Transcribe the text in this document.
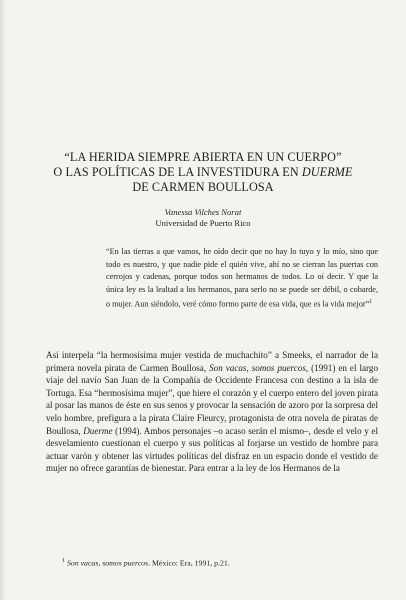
“LA HERIDA SIEMPRE ABIERTA EN UN CUERPO”
O LAS POLÍTICAS DE LA INVESTIDURA EN DUERME
DE CARMEN BOULLOSA
Vanessa Vilches Norat
Universidad de Puerto Rico
“En las tierras a que vamos, he oído decir que no hay lo tuyo y lo mío, sino que todo es nuestro, y que nadie pide el quién vive, ahí no se cierran las puertas con cerrojos y cadenas, porque todos son hermanos de todos. Lo oí decir. Y que la única ley es la lealtad a los hermanos, para serlo no se puede ser débil, o cobarde, o mujer. Aun siéndolo, veré cómo formo parte de esa vida, que es la vida mejor”$^1$
Así interpela “la hermosísima mujer vestida de muchachito” a Smeeks, el narrador de la primera novela pirata de Carmen Boullosa, Son vacas, somos puercos, (1991) en el largo viaje del navío San Juan de la Compañía de Occidente Francesa con destino a la isla de Tortuga. Esa “hermosísima mujer”, que hiere el corazón y el cuerpo entero del joven pirata al posar las manos de éste en sus senos y provocar la sensación de azoro por la sorpresa del velo hombre, prefigura a la pirata Claire Fleurcy, protagonista de otra novela de piratas de Boullosa, Duerme (1994). Ambos personajes –o acaso serán el mismo–, desde el velo y el desvelamiento cuestionan el cuerpo y sus políticas al forjarse un vestido de hombre para actuar varón y obtener las virtudes políticas del disfraz en un espacio donde el vestido de mujer no ofrece garantías de bienestar. Para entrar a la ley de los Hermanos de la
$^1$ Son vacas, somos puercos. México: Era, 1991, p.21.
